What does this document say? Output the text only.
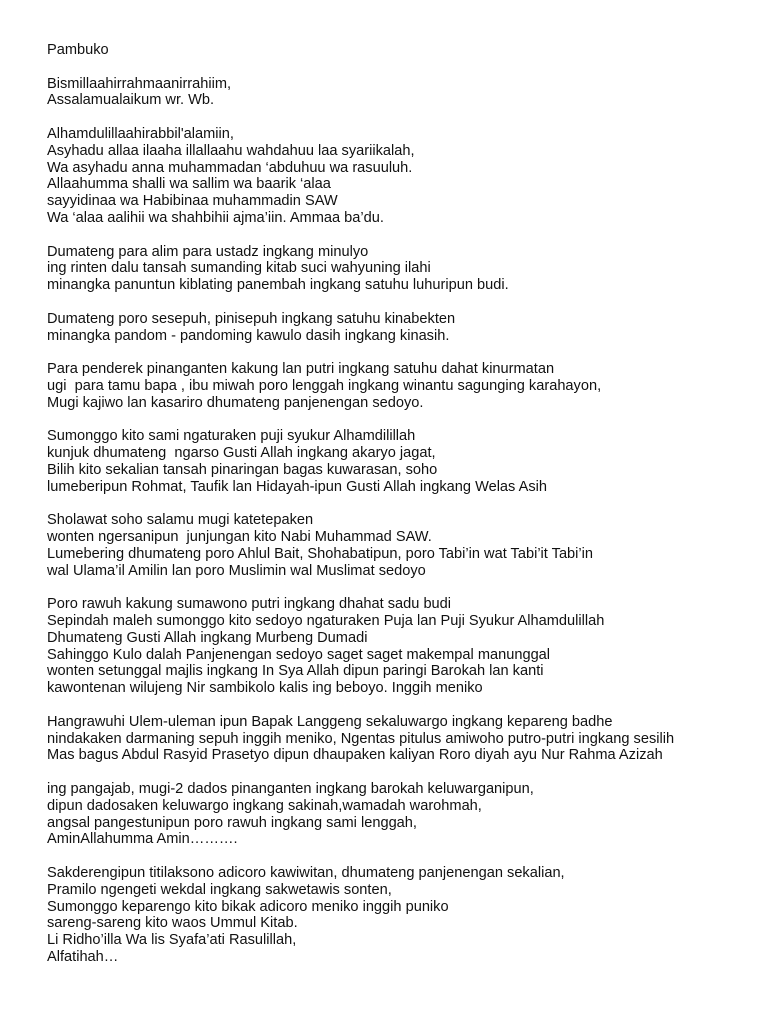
Pambuko
Bismillaahirrahmaanirrahiim,
Assalamualaikum wr. Wb.
Alhamdulillaahirabbil'alamiin,
Asyhadu allaa ilaaha illallaahu wahdahuu laa syariikalah,
Wa asyhadu anna muhammadan ‘abduhuu wa rasuuluh.
Allaahumma shalli wa sallim wa baarik ‘alaa
sayyidinaa wa Habibinaa muhammadin SAW
Wa ‘alaa aalihii wa shahbihii ajma’iin. Ammaa ba’du.
Dumateng para alim para ustadz ingkang minulyo
ing rinten dalu tansah sumanding kitab suci wahyuning ilahi
minangka panuntun kiblating panembah ingkang satuhu luhuripun budi.
Dumateng poro sesepuh, pinisepuh ingkang satuhu kinabekten
minangka pandom - pandoming kawulo dasih ingkang kinasih.
Para penderek pinanganten kakung lan putri ingkang satuhu dahat kinurmatan
ugi  para tamu bapa , ibu miwah poro lenggah ingkang winantu sagunging karahayon,
Mugi kajiwo lan kasariro dhumateng panjenengan sedoyo.
Sumonggo kito sami ngaturaken puji syukur Alhamdilillah
kunjuk dhumateng  ngarso Gusti Allah ingkang akaryo jagat,
Bilih kito sekalian tansah pinaringan bagas kuwarasan, soho
lumeberipun Rohmat, Taufik lan Hidayah-ipun Gusti Allah ingkang Welas Asih
Sholawat soho salamu mugi katetepaken
wonten ngersanipun  junjungan kito Nabi Muhammad SAW.
Lumebering dhumateng poro Ahlul Bait, Shohabatipun, poro Tabi’in wat Tabi’it Tabi’in
wal Ulama’il Amilin lan poro Muslimin wal Muslimat sedoyo
Poro rawuh kakung sumawono putri ingkang dhahat sadu budi
Sepindah maleh sumonggo kito sedoyo ngaturaken Puja lan Puji Syukur Alhamdulillah
Dhumateng Gusti Allah ingkang Murbeng Dumadi
Sahinggo Kulo dalah Panjenengan sedoyo saget saget makempal manunggal
wonten setunggal majlis ingkang In Sya Allah dipun paringi Barokah lan kanti
kawontenan wilujeng Nir sambikolo kalis ing beboyo. Inggih meniko
Hangrawuhi Ulem-uleman ipun Bapak Langgeng sekaluwargo ingkang kepareng badhe
nindakaken darmaning sepuh inggih meniko, Ngentas pitulus amiwoho putro-putri ingkang sesilih
Mas bagus Abdul Rasyid Prasetyo dipun dhaupaken kaliyan Roro diyah ayu Nur Rahma Azizah
ing pangajab, mugi-2 dados pinanganten ingkang barokah keluwarganipun,
dipun dadosaken keluwargo ingkang sakinah,wamadah warohmah,
angsal pangestunipun poro rawuh ingkang sami lenggah,
AminAllahumma Amin……….
Sakderengipun titilaksono adicoro kawiwitan, dhumateng panjenengan sekalian,
Pramilo ngengeti wekdal ingkang sakwetawis sonten,
Sumonggo keparengo kito bikak adicoro meniko inggih puniko
sareng-sareng kito waos Ummul Kitab.
Li Ridho’illa Wa lis Syafa’ati Rasulillah,
Alfatihah…
